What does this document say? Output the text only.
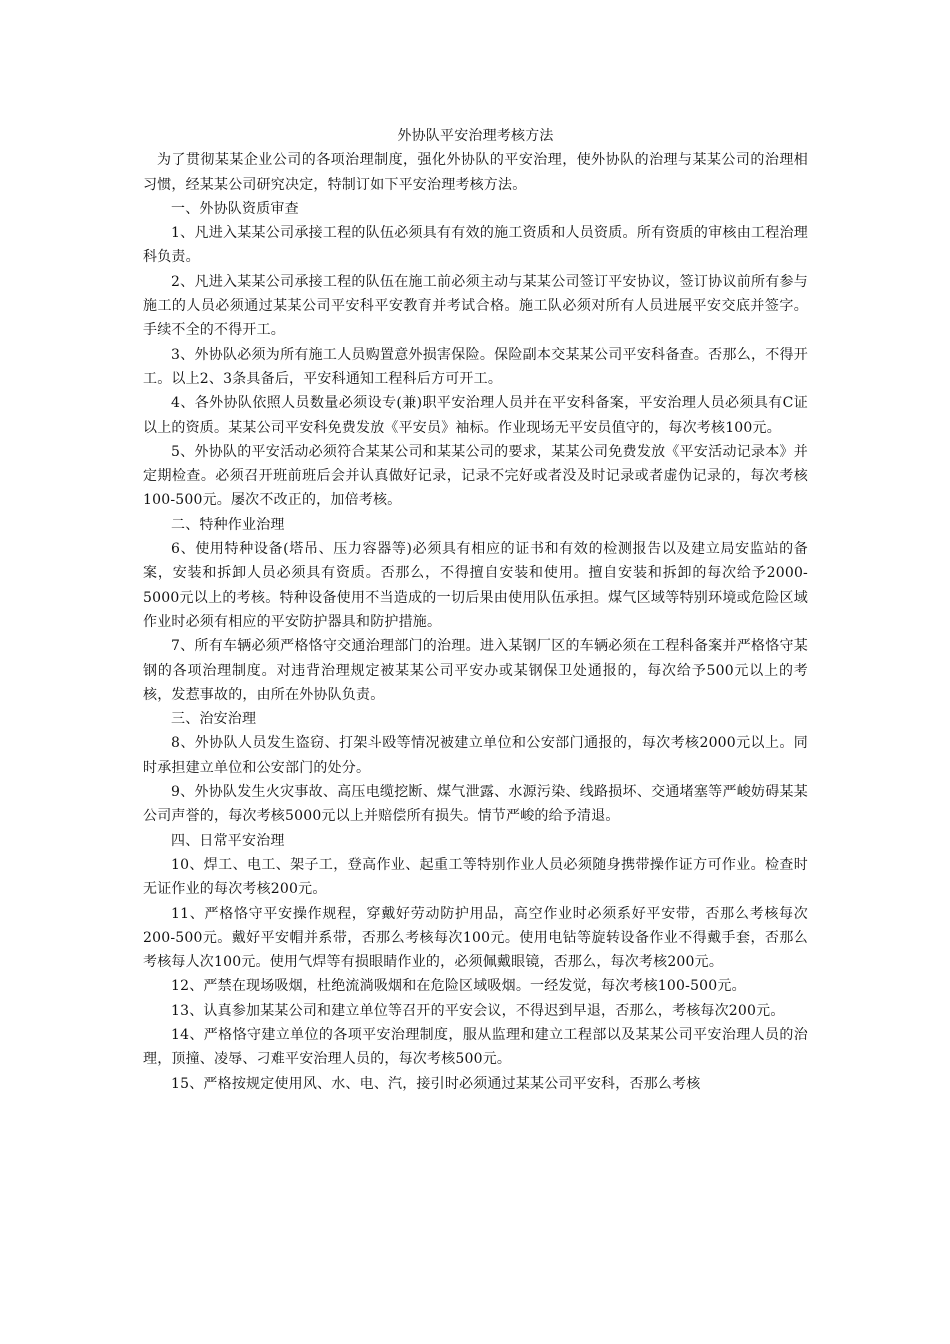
外协队平安治理考核方法

为了贯彻某某企业公司的各项治理制度，强化外协队的平安治理，使外协队的治理与某某公司的治理相习惯，经某某公司研究决定，特制订如下平安治理考核方法。

一、外协队资质审查

1、凡进入某某公司承接工程的队伍必须具有有效的施工资质和人员资质。所有资质的审核由工程治理科负责。

2、凡进入某某公司承接工程的队伍在施工前必须主动与某某公司签订平安协议，签订协议前所有参与施工的人员必须通过某某公司平安科平安教育并考试合格。施工队必须对所有人员进展平安交底并签字。手续不全的不得开工。

3、外协队必须为所有施工人员购置意外损害保险。保险副本交某某公司平安科备查。否那么，不得开工。以上2、3条具备后，平安科通知工程科后方可开工。

4、各外协队依照人员数量必须设专(兼)职平安治理人员并在平安科备案，平安治理人员必须具有C证以上的资质。某某公司平安科免费发放《平安员》袖标。作业现场无平安员值守的，每次考核100元。

5、外协队的平安活动必须符合某某公司和某某公司的要求，某某公司免费发放《平安活动记录本》并定期检查。必须召开班前班后会并认真做好记录，记录不完好或者没及时记录或者虚伪记录的，每次考核100-500元。屡次不改正的，加倍考核。

二、特种作业治理

6、使用特种设备(塔吊、压力容器等)必须具有相应的证书和有效的检测报告以及建立局安监站的备案，安装和拆卸人员必须具有资质。否那么，不得擅自安装和使用。擅自安装和拆卸的每次给予2000-5000元以上的考核。特种设备使用不当造成的一切后果由使用队伍承担。煤气区域等特别环境或危险区域作业时必须有相应的平安防护器具和防护措施。

7、所有车辆必须严格恪守交通治理部门的治理。进入某钢厂区的车辆必须在工程科备案并严格恪守某钢的各项治理制度。对违背治理规定被某某公司平安办或某钢保卫处通报的，每次给予500元以上的考核，发惹事故的，由所在外协队负责。

三、治安治理

8、外协队人员发生盗窃、打架斗殴等情况被建立单位和公安部门通报的，每次考核2000元以上。同时承担建立单位和公安部门的处分。

9、外协队发生火灾事故、高压电缆挖断、煤气泄露、水源污染、线路损坏、交通堵塞等严峻妨碍某某公司声誉的，每次考核5000元以上并赔偿所有损失。情节严峻的给予清退。

四、日常平安治理

10、焊工、电工、架子工，登高作业、起重工等特别作业人员必须随身携带操作证方可作业。检查时无证作业的每次考核200元。

11、严格恪守平安操作规程，穿戴好劳动防护用品，高空作业时必须系好平安带，否那么考核每次200-500元。戴好平安帽并系带，否那么考核每次100元。使用电钻等旋转设备作业不得戴手套，否那么考核每人次100元。使用气焊等有损眼睛作业的，必须佩戴眼镜，否那么，每次考核200元。

12、严禁在现场吸烟，杜绝流淌吸烟和在危险区域吸烟。一经发觉，每次考核100-500元。

13、认真参加某某公司和建立单位等召开的平安会议，不得迟到早退，否那么，考核每次200元。

14、严格恪守建立单位的各项平安治理制度，服从监理和建立工程部以及某某公司平安治理人员的治理，顶撞、凌辱、刁难平安治理人员的，每次考核500元。

15、严格按规定使用风、水、电、汽，接引时必须通过某某公司平安科，否那么考核
